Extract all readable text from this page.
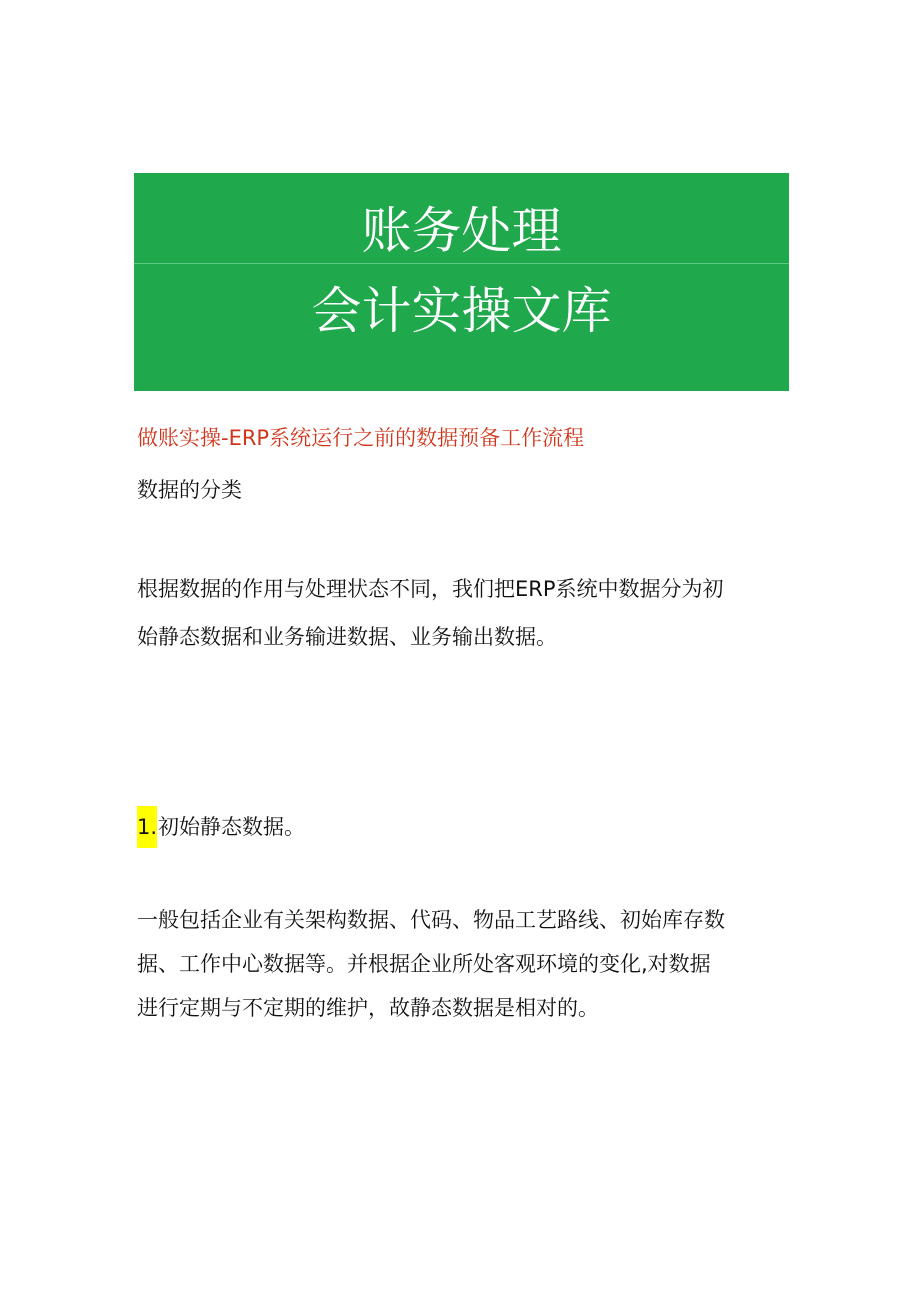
账务处理
会计实操文库
做账实操-ERP系统运行之前的数据预备工作流程
数据的分类
根据数据的作用与处理状态不同，我们把ERP系统中数据分为初
始静态数据和业务输进数据、业务输出数据。
1.初始静态数据。
一般包括企业有关架构数据、代码、物品工艺路线、初始库存数
据、工作中心数据等。并根据企业所处客观环境的变化,对数据
进行定期与不定期的维护，故静态数据是相对的。
